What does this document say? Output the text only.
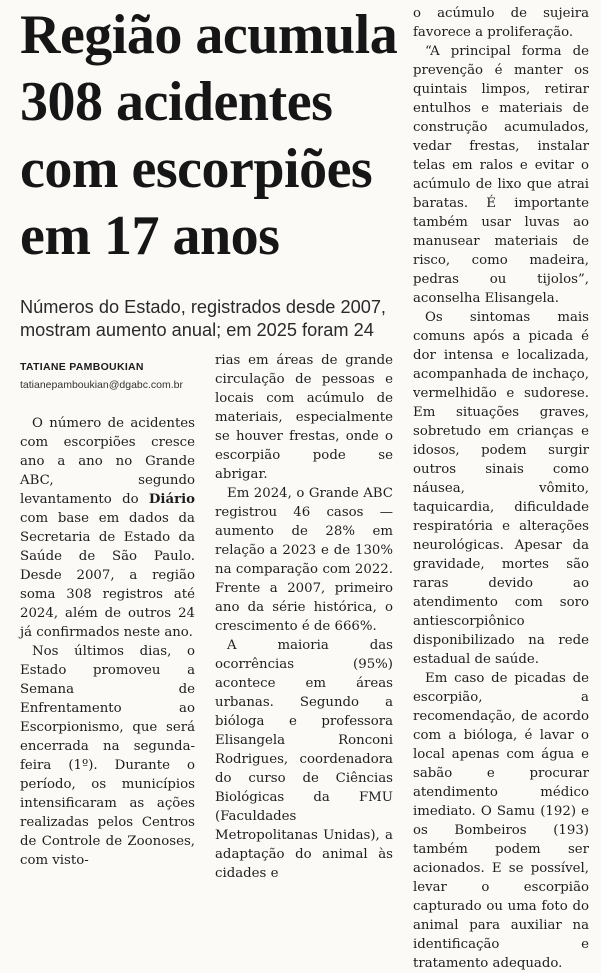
Região acumula
308 acidentes
com escorpiões
em 17 anos
Números do Estado, registrados desde 2007,
mostram aumento anual; em 2025 foram 24
TATIANE PAMBOUKIAN
tatianepamboukian@dgabc.com.br

O número de acidentes com escorpiões cresce ano a ano no Grande ABC, segundo levantamento do Diário com base em dados da Secretaria de Estado da Saúde de São Paulo. Desde 2007, a região soma 308 registros até 2024, além de outros 24 já confirmados neste ano.

Nos últimos dias, o Estado promoveu a Semana de Enfrentamento ao Escorpionismo, que será encerrada na segunda-feira (1º). Durante o período, os municípios intensificaram as ações realizadas pelos Centros de Controle de Zoonoses, com visto-

rias em áreas de grande circulação de pessoas e locais com acúmulo de materiais, especialmente se houver frestas, onde o escorpião pode se abrigar.

Em 2024, o Grande ABC registrou 46 casos — aumento de 28% em relação a 2023 e de 130% na comparação com 2022. Frente a 2007, primeiro ano da série histórica, o crescimento é de 666%.

A maioria das ocorrências (95%) acontece em áreas urbanas. Segundo a bióloga e professora Elisangela Ronconi Rodrigues, coordenadora do curso de Ciências Biológicas da FMU (Faculdades Metropolitanas Unidas), a adaptação do animal às cidades e

o acúmulo de sujeira favorece a proliferação.

“A principal forma de prevenção é manter os quintais limpos, retirar entulhos e materiais de construção acumulados, vedar frestas, instalar telas em ralos e evitar o acúmulo de lixo que atrai baratas. É importante também usar luvas ao manusear materiais de risco, como madeira, pedras ou tijolos”, aconselha Elisangela.

Os sintomas mais comuns após a picada é dor intensa e localizada, acompanhada de inchaço, vermelhidão e sudorese. Em situações graves, sobretudo em crianças e idosos, podem surgir outros sinais como náusea, vômito, taquicardia, dificuldade respiratória e alterações neurológicas. Apesar da gravidade, mortes são raras devido ao atendimento com soro antiescorpiônico disponibilizado na rede estadual de saúde.

Em caso de picadas de escorpião, a recomendação, de acordo com a bióloga, é lavar o local apenas com água e sabão e procurar atendimento médico imediato. O Samu (192) e os Bombeiros (193) também podem ser acionados. E se possível, levar o escorpião capturado ou uma foto do animal para auxiliar na identificação e tratamento adequado.
